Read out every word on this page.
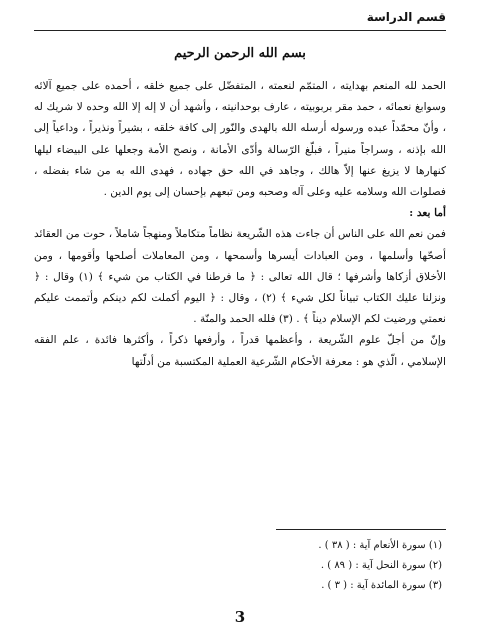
قسم الدراسة
بسم الله الرحمن الرحيم

الحمد لله المنعم بهدايته ، المتمّم لنعمته ، المتفضّل على جميع خلقه ، أحمده على جميع آلائه وسوابغ نعمائه ، حمد مقر بربوبيته ، عارف بوحدانيته ، وأشهد أن لا إله إلا الله وحده لا شريك له ، وأنّ محمّداً عبده ورسوله أرسله الله بالهدى والنّور إلى كافة خلقه ، بشيراً ونذيراً ، وداعياً إلى الله بإذنه ، وسراجاً منيراً ، فبلّغ الرّسالة وأدّى الأمانة ، ونصح الأمة وجعلها على البيضاء ليلها كنهارها لا يزيغ عنها إلاّ هالك ، وجاهد في الله حق جهاده ، فهدى الله به من شاء بفضله ، فصلوات الله وسلامه عليه وعلى آله وصحبه ومن تبعهم بإحسان إلى يوم الدين .

أما بعد :

فمن نعم الله على الناس أن جاءت هذه الشّريعة نظاماً متكاملاً ومنهجاً شاملاً ، حوت من العقائد أصحّها وأسلمها ، ومن العبادات أيسرها وأسمحها ، ومن المعاملات أصلحها وأقومها ، ومن الأخلاق أزكاها وأشرفها ؛ قال الله تعالى : ﴿ ما فرطنا في الكتاب من شيء ﴾ (١) وقال : ﴿ ونزلنا عليك الكتاب تبياناً لكل شيء ﴾ (٢) ، وقال : ﴿ اليوم أكملت لكم دينكم وأتممت عليكم نعمتي ورضيت لكم الإسلام ديناً ﴾ . (٣) فلله الحمد والمنّة .

وإنّ من أجلّ علوم الشّريعة ، وأعظمها قدراً ، وأرفعها ذكراً ، وأكثرها فائدة ، علم الفقه الإسلامي ، الّذي هو : معرفة الأحكام الشّرعية العملية المكتسبة من أدلّتها

(١) سورة الأنعام آية : ( ٣٨ ) .
(٢) سورة النحل آية : ( ٨٩ ) .
(٣) سورة المائدة آية : ( ٣ ) .
3
